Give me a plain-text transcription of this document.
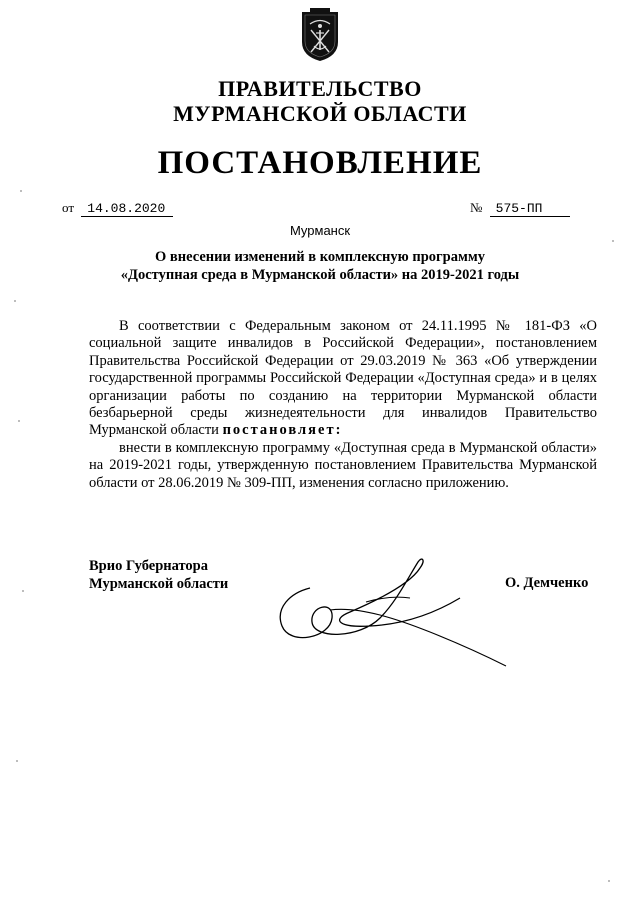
ПРАВИТЕЛЬСТВО
МУРМАНСКОЙ ОБЛАСТИ
ПОСТАНОВЛЕНИЕ
от 14.08.2020	№ 575-ПП
Мурманск
О внесении изменений в комплексную программу
«Доступная среда в Мурманской области» на 2019-2021 годы

В соответствии с Федеральным законом от 24.11.1995 № 181-ФЗ «О социальной защите инвалидов в Российской Федерации», постановлением Правительства Российской Федерации от 29.03.2019 № 363 «Об утверждении государственной программы Российской Федерации «Доступная среда» и в целях организации работы по созданию на территории Мурманской области безбарьерной среды жизнедеятельности для инвалидов Правительство Мурманской области постановляет:

внести в комплексную программу «Доступная среда в Мурманской области» на 2019-2021 годы, утвержденную постановлением Правительства Мурманской области от 28.06.2019 № 309-ПП, изменения согласно приложению.

Врио Губернатора
Мурманской области	О. Демченко
